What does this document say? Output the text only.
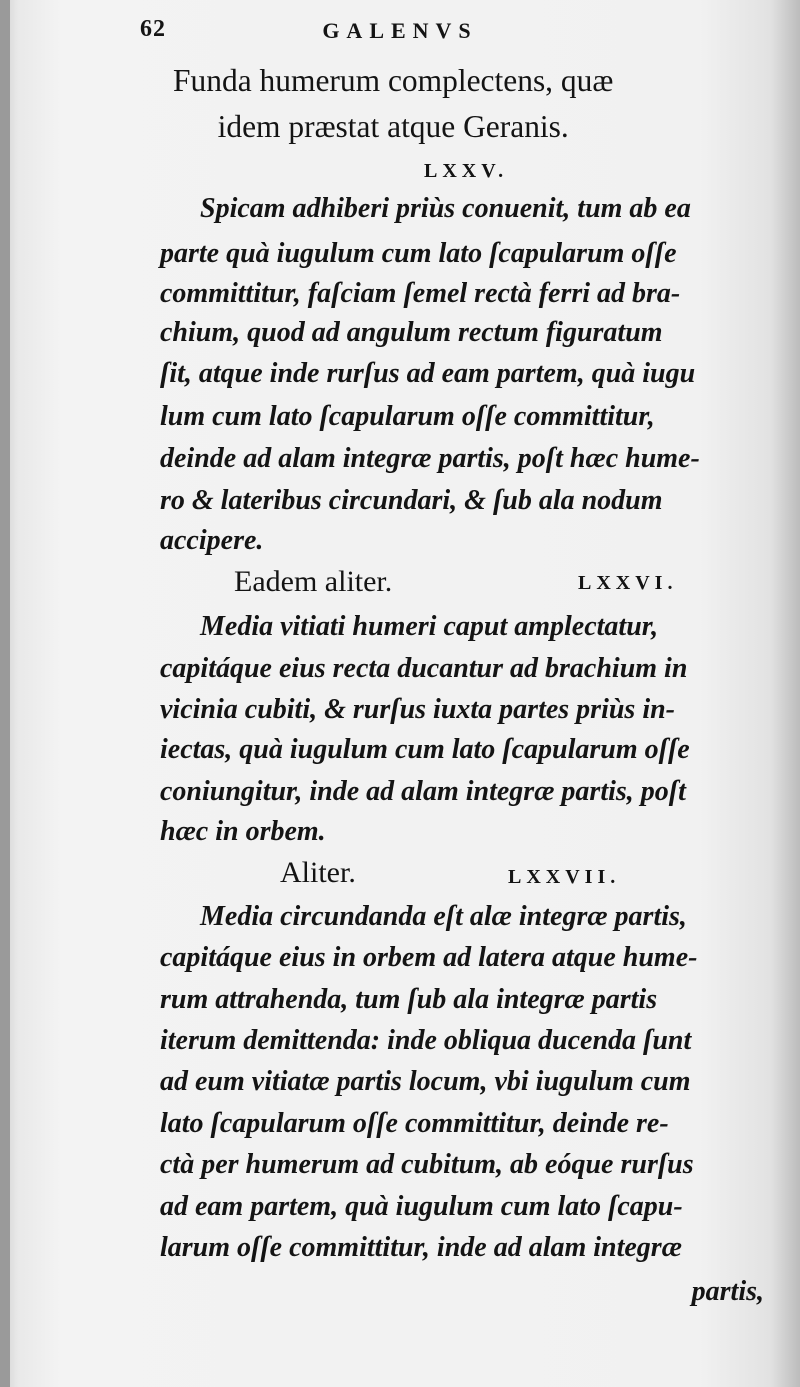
62	GALENVS
Funda humerum complectens, quæ
idem præstat atque Geranis.
LXXV.
Spicam adhiberi priùs conuenit, tum ab ea
parte quà iugulum cum lato ſcapularum oſſe
committitur, faſciam ſemel rectà ferri ad bra-
chium, quod ad angulum rectum figuratum
ſit, atque inde rurſus ad eam partem, quà iugu
lum cum lato ſcapularum oſſe committitur,
deinde ad alam integræ partis, poſt hæc hume-
ro & lateribus circundari, & ſub ala nodum
accipere.
Eadem aliter.	LXXVI.
Media vitiati humeri caput amplectatur,
capitáque eius recta ducantur ad brachium in
vicinia cubiti, & rurſus iuxta partes priùs in-
iectas, quà iugulum cum lato ſcapularum oſſe
coniungitur, inde ad alam integræ partis, poſt
hæc in orbem.
Aliter.	LXXVII.
Media circundanda eſt alæ integræ partis,
capitáque eius in orbem ad latera atque hume-
rum attrahenda, tum ſub ala integræ partis
iterum demittenda: inde obliqua ducenda ſunt
ad eum vitiatæ partis locum, vbi iugulum cum
lato ſcapularum oſſe committitur, deinde re-
ctà per humerum ad cubitum, ab eóque rurſus
ad eam partem, quà iugulum cum lato ſcapu-
larum oſſe committitur, inde ad alam integræ
partis,
